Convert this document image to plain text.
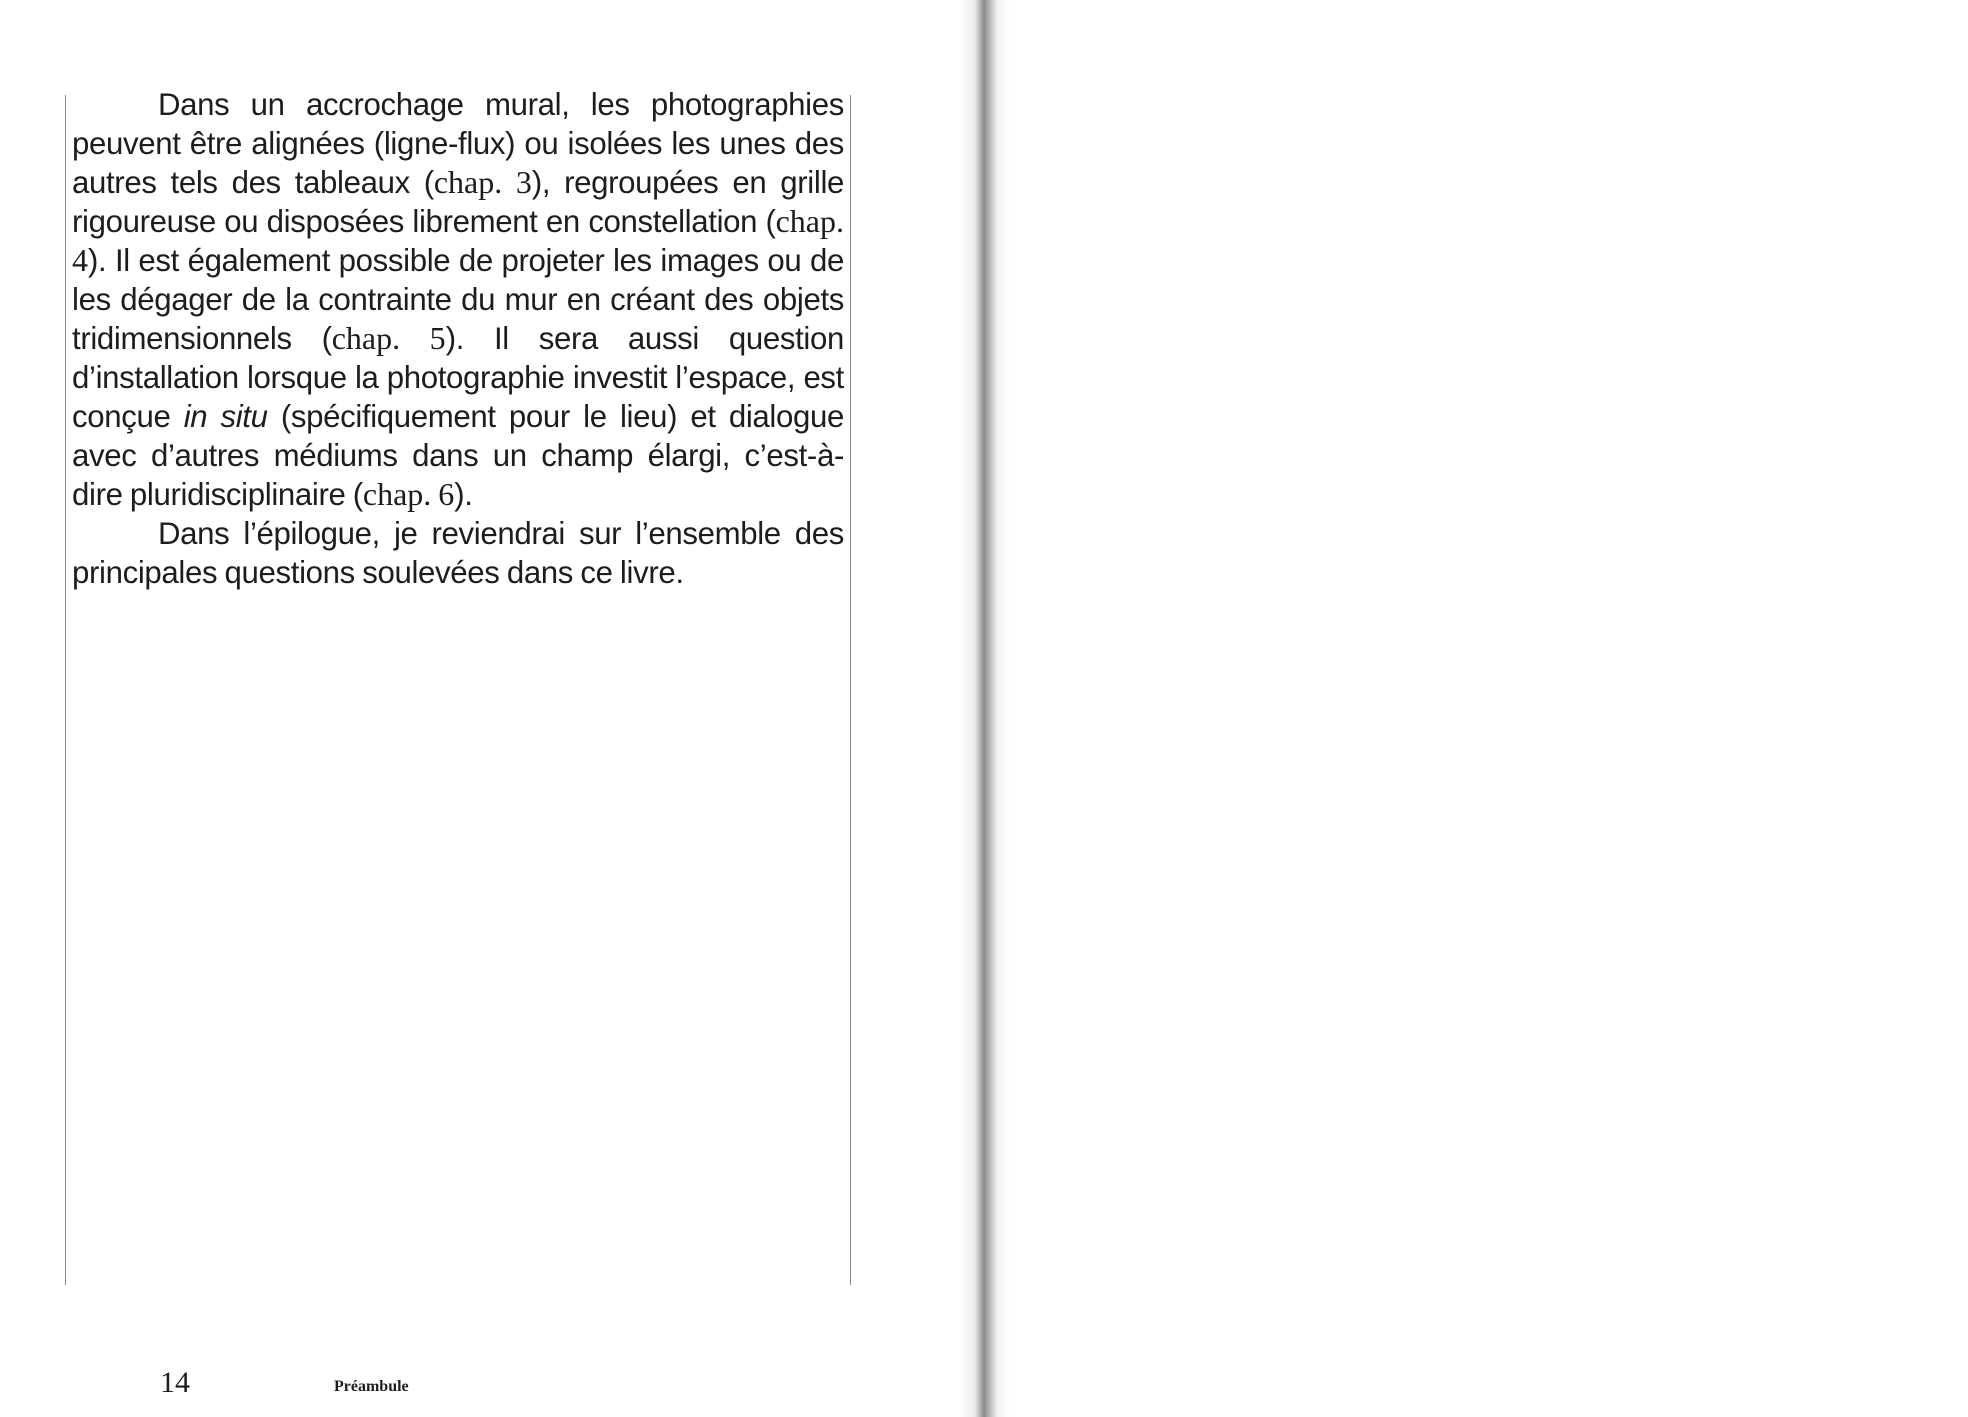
Dans un accrochage mural, les photographies peuvent être alignées (ligne-flux) ou isolées les unes des autres tels des tableaux (chap. 3), regroupées en grille rigoureuse ou disposées librement en constellation (chap. 4). Il est également possible de projeter les images ou de les dégager de la contrainte du mur en créant des objets tridimensionnels (chap. 5). Il sera aussi question d’installation lorsque la photographie investit l’espace, est conçue in situ (spécifiquement pour le lieu) et dialogue avec d’autres médiums dans un champ élargi, c’est-à-dire pluridisciplinaire (chap. 6).

Dans l’épilogue, je reviendrai sur l’ensemble des principales questions soulevées dans ce livre.

14	Préambule
